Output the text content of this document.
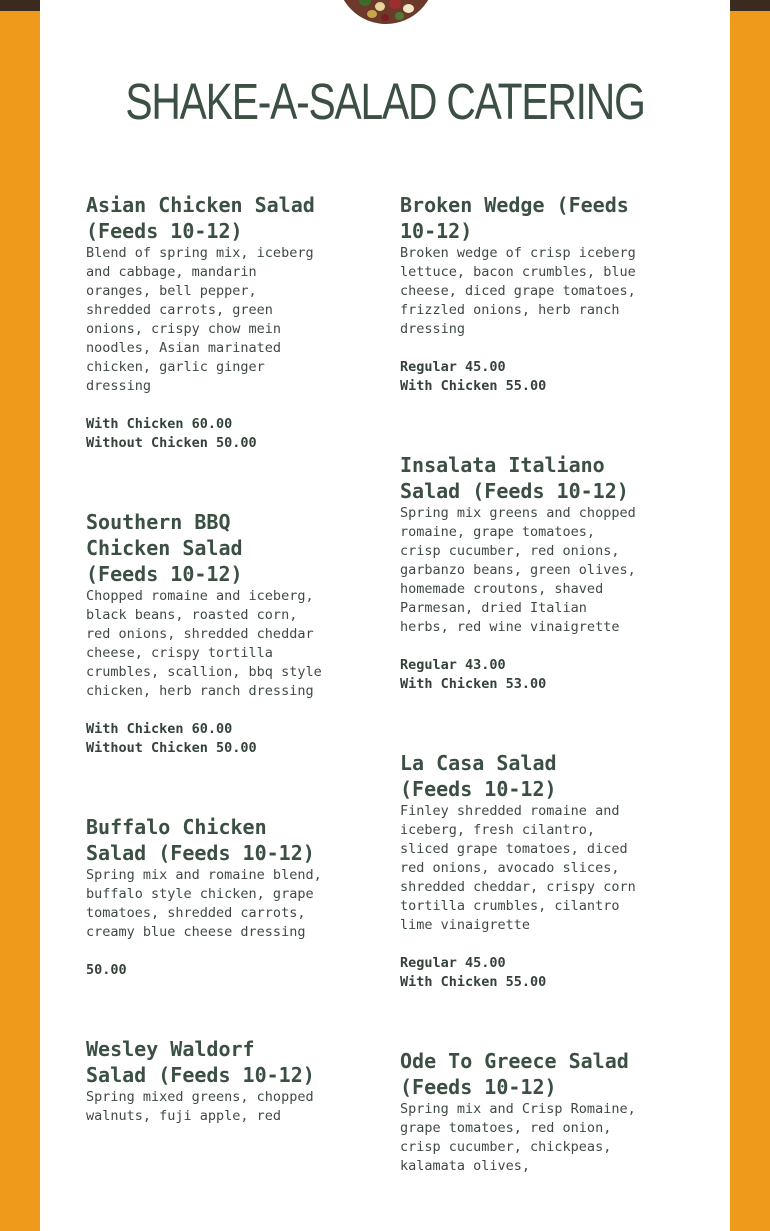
SHAKE-A-SALAD CATERING
Asian Chicken Salad (Feeds 10-12)

Blend of spring mix, iceberg and cabbage, mandarin oranges, bell pepper, shredded carrots, green onions, crispy chow mein noodles, Asian marinated chicken, garlic ginger dressing

With Chicken 60.00
Without Chicken 50.00
Southern BBQ Chicken Salad (Feeds 10-12)

Chopped romaine and iceberg, black beans, roasted corn, red onions, shredded cheddar cheese, crispy tortilla crumbles, scallion, bbq style chicken, herb ranch dressing

With Chicken 60.00
Without Chicken 50.00
Buffalo Chicken Salad (Feeds 10-12)

Spring mix and romaine blend, buffalo style chicken, grape tomatoes, shredded carrots, creamy blue cheese dressing

50.00
Wesley Waldorf Salad (Feeds 10-12)

Spring mixed greens, chopped walnuts, fuji apple, red

Broken Wedge (Feeds 10-12)

Broken wedge of crisp iceberg lettuce, bacon crumbles, blue cheese, diced grape tomatoes, frizzled onions, herb ranch dressing

Regular 45.00
With Chicken 55.00
Insalata Italiano Salad (Feeds 10-12)

Spring mix greens and chopped romaine, grape tomatoes, crisp cucumber, red onions, garbanzo beans, green olives, homemade croutons, shaved Parmesan, dried Italian herbs, red wine vinaigrette

Regular 43.00
With Chicken 53.00
La Casa Salad (Feeds 10-12)

Finley shredded romaine and iceberg, fresh cilantro, sliced grape tomatoes, diced red onions, avocado slices, shredded cheddar, crispy corn tortilla crumbles, cilantro lime vinaigrette

Regular 45.00
With Chicken 55.00
Ode To Greece Salad (Feeds 10-12)

Spring mix and Crisp Romaine, grape tomatoes, red onion, crisp cucumber, chickpeas, kalamata olives,
